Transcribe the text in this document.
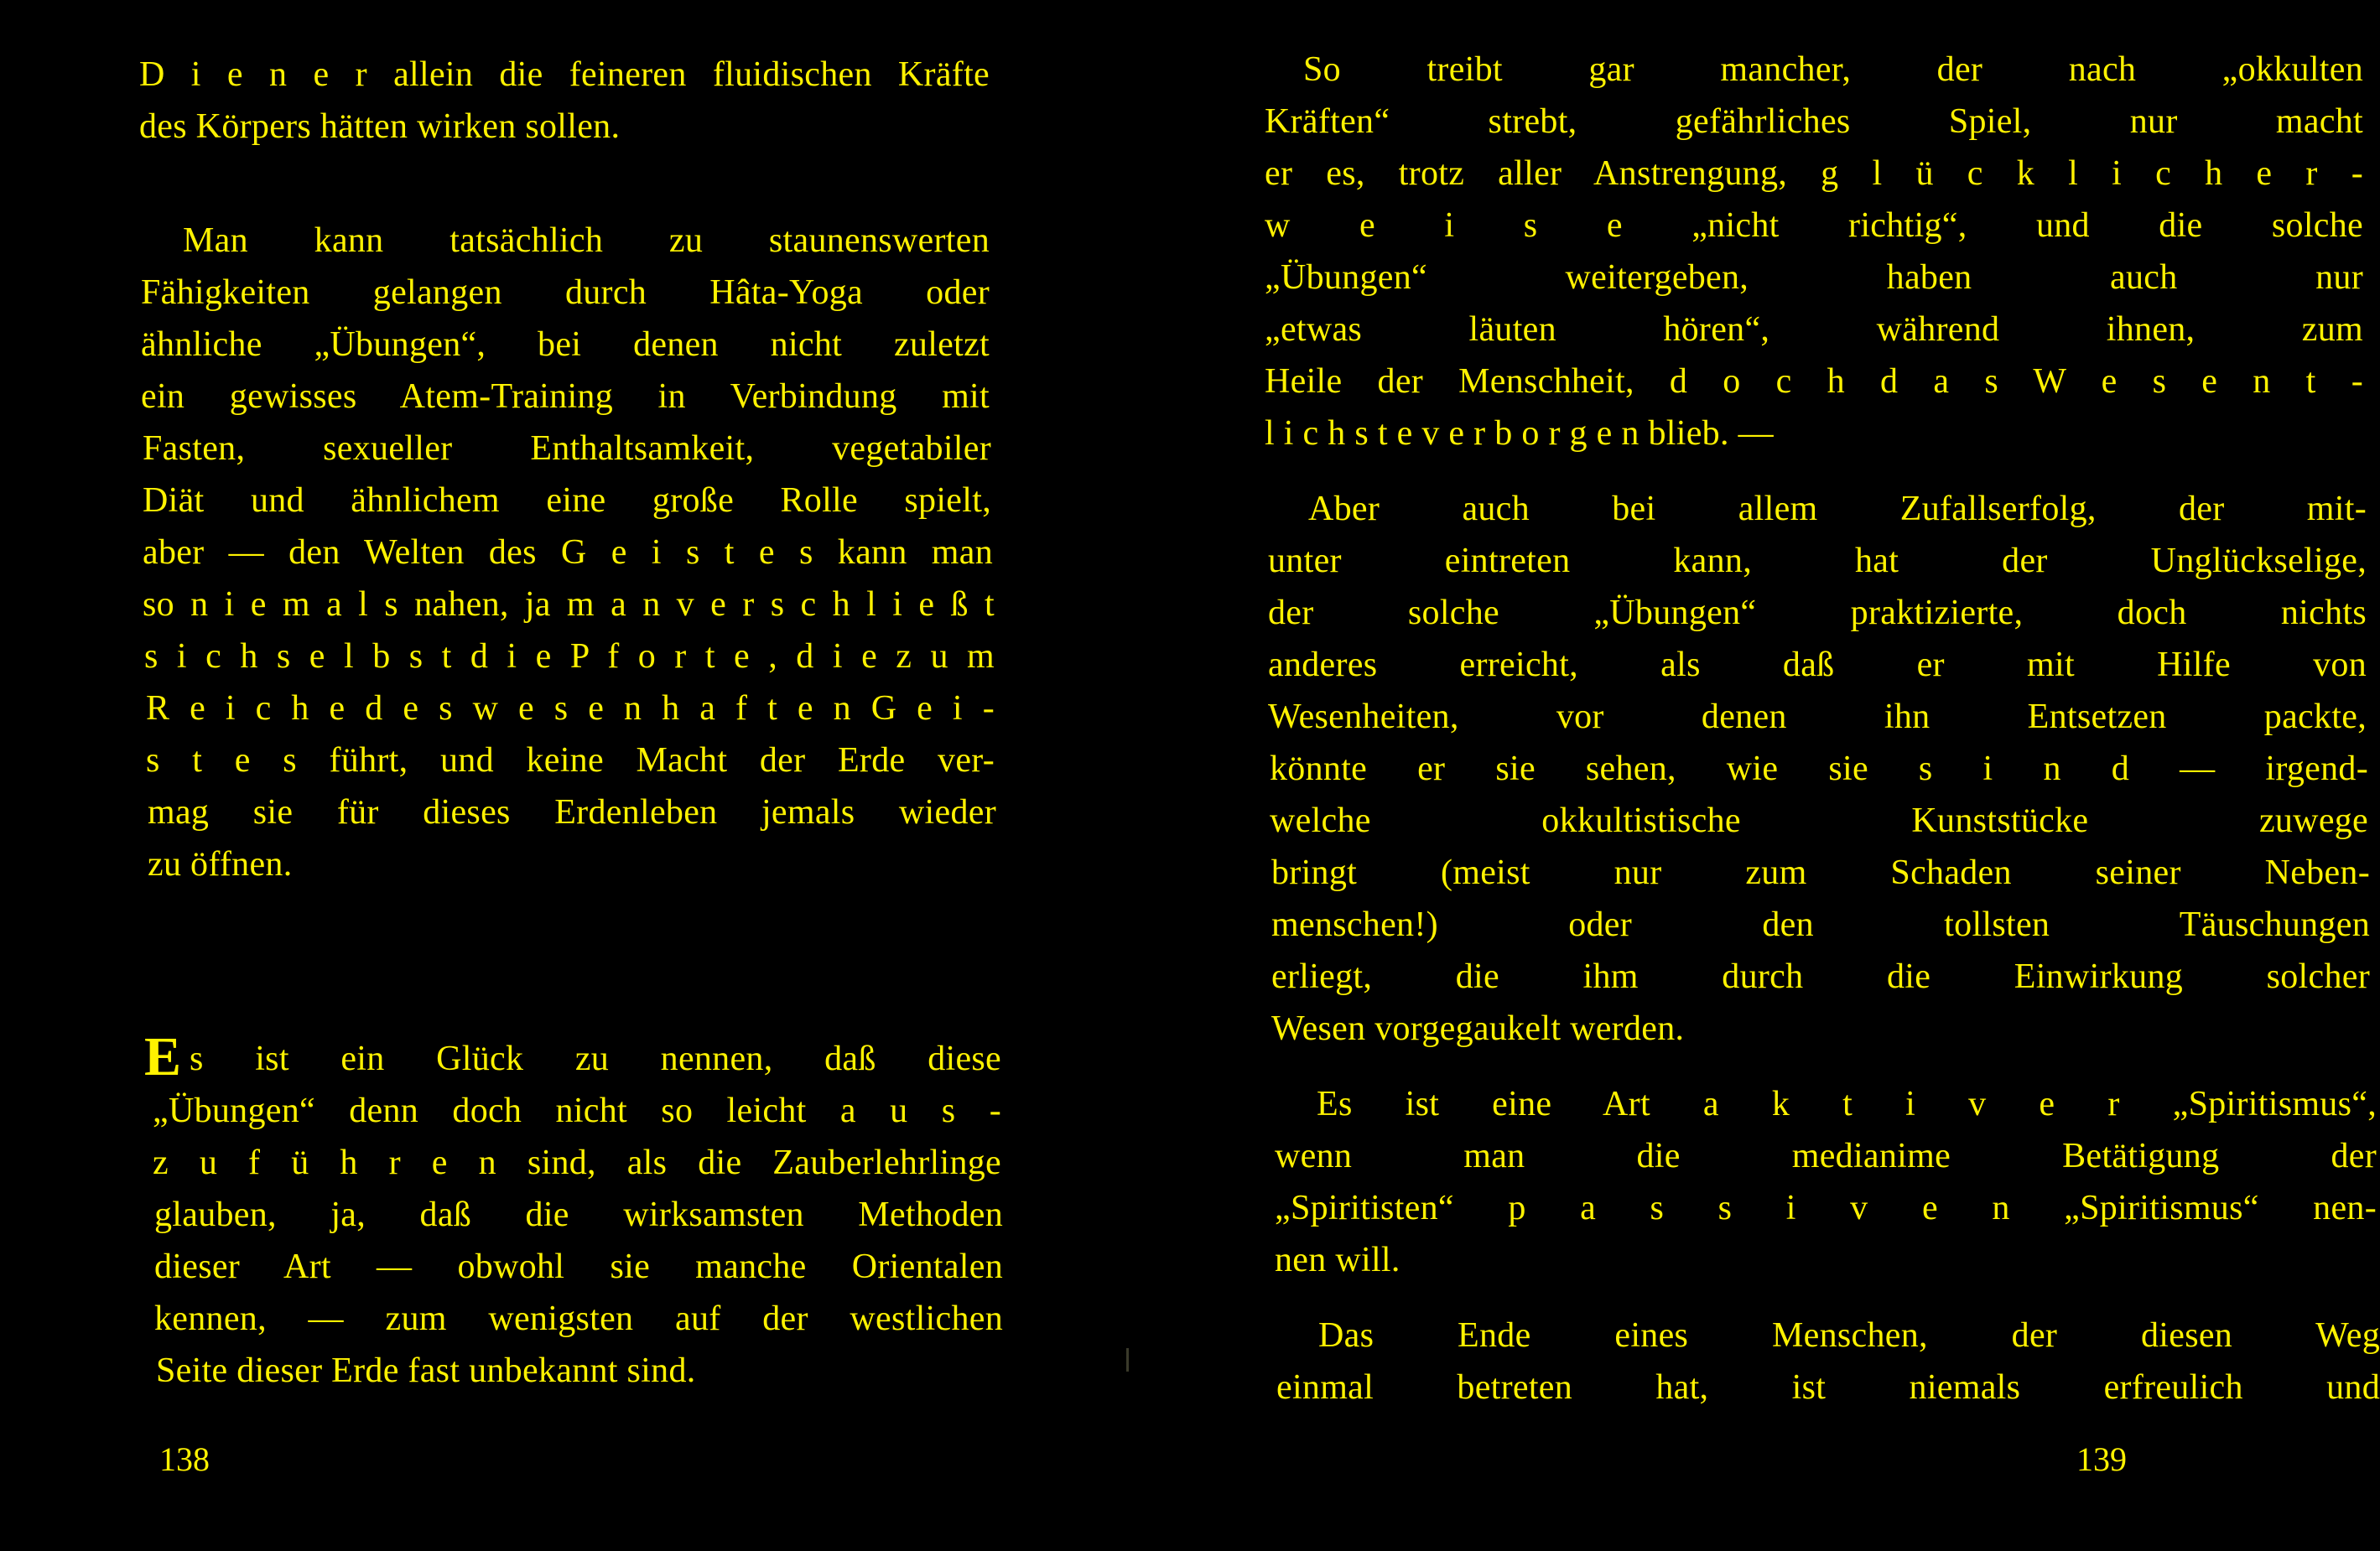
E
138
D i e n e r allein die feineren fluidischen Kräfte
des Körpers hätten wirken sollen.
Man kann tatsächlich zu staunenswerten
Fähigkeiten gelangen durch Hâta-Yoga oder
ähnliche „Übungen“, bei denen nicht zuletzt
ein gewisses Atem-Training in Verbindung mit
Fasten, sexueller Enthaltsamkeit, vegetabiler
Diät und ähnlichem eine große Rolle spielt,
aber — den Welten des G e i s t e s kann man
so n i e m a l s nahen, ja m a n v e r s c h l i e ß t
s i c h s e l b s t d i e P f o r t e , d i e z u m
R e i c h e d e s w e s e n h a f t e n G e i -
s t e s führt, und keine Macht der Erde ver-
mag sie für dieses Erdenleben jemals wieder
zu öffnen.
s ist ein Glück zu nennen, daß diese
„Übungen“ denn doch nicht so leicht a u s -
z u f ü h r e n sind, als die Zauberlehrlinge
glauben, ja, daß die wirksamsten Methoden
dieser Art — obwohl sie manche Orientalen
kennen, — zum wenigsten auf der westlichen
Seite dieser Erde fast unbekannt sind.
139
So treibt gar mancher, der nach „okkulten
Kräften“ strebt, gefährliches Spiel, nur macht
er es, trotz aller Anstrengung, g l ü c k l i c h e r -
w e i s e „nicht richtig“, und die solche
„Übungen“ weitergeben, haben auch nur
„etwas läuten hören“, während ihnen, zum
Heile der Menschheit, d o c h d a s W e s e n t -
l i c h s t e v e r b o r g e n blieb. —
Aber auch bei allem Zufallserfolg, der mit-
unter eintreten kann, hat der Unglückselige,
der solche „Übungen“ praktizierte, doch nichts
anderes erreicht, als daß er mit Hilfe von
Wesenheiten, vor denen ihn Entsetzen packte,
könnte er sie sehen, wie sie s i n d — irgend-
welche okkultistische Kunststücke zuwege
bringt (meist nur zum Schaden seiner Neben-
menschen!) oder den tollsten Täuschungen
erliegt, die ihm durch die Einwirkung solcher
Wesen vorgegaukelt werden.
Es ist eine Art a k t i v e r „Spiritismus“,
wenn man die medianime Betätigung der
„Spiritisten“ p a s s i v e n „Spiritismus“ nen-
nen will.
Das Ende eines Menschen, der diesen Weg
einmal betreten hat, ist niemals erfreulich und
